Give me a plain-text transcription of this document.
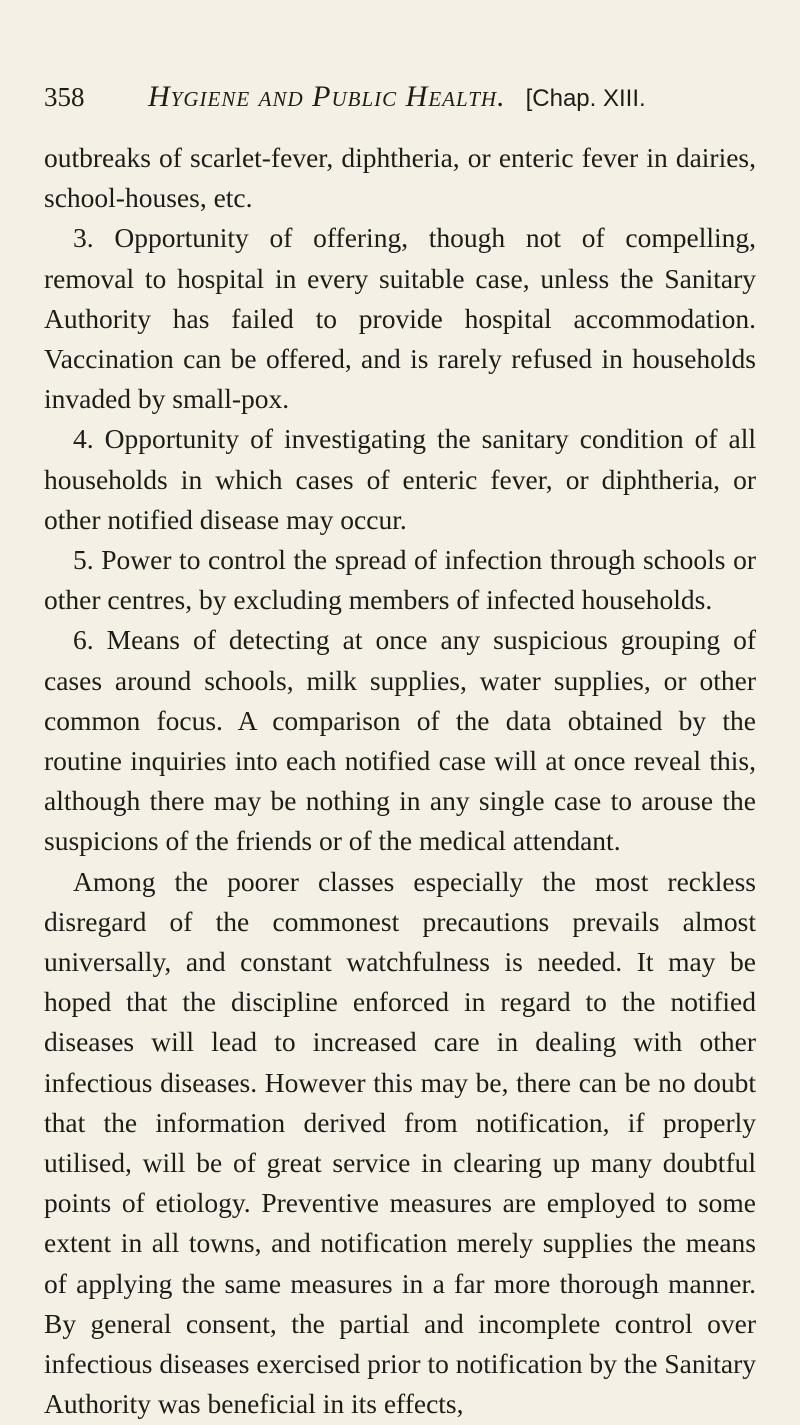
358	Hygiene and Public Health. [Chap. XIII.

outbreaks of scarlet-fever, diphtheria, or enteric fever in dairies, school-houses, etc.

3. Opportunity of offering, though not of compelling, removal to hospital in every suitable case, unless the Sanitary Authority has failed to provide hospital accommodation. Vaccination can be offered, and is rarely refused in households invaded by small-pox.

4. Opportunity of investigating the sanitary condition of all households in which cases of enteric fever, or diphtheria, or other notified disease may occur.

5. Power to control the spread of infection through schools or other centres, by excluding members of infected households.

6. Means of detecting at once any suspicious grouping of cases around schools, milk supplies, water supplies, or other common focus. A comparison of the data obtained by the routine inquiries into each notified case will at once reveal this, although there may be nothing in any single case to arouse the suspicions of the friends or of the medical attendant.

Among the poorer classes especially the most reckless disregard of the commonest precautions prevails almost universally, and constant watchfulness is needed. It may be hoped that the discipline enforced in regard to the notified diseases will lead to increased care in dealing with other infectious diseases. However this may be, there can be no doubt that the information derived from notification, if properly utilised, will be of great service in clearing up many doubtful points of etiology. Preventive measures are employed to some extent in all towns, and notification merely supplies the means of applying the same measures in a far more thorough manner. By general consent, the partial and incomplete control over infectious diseases exercised prior to notification by the Sanitary Authority was beneficial in its effects,
